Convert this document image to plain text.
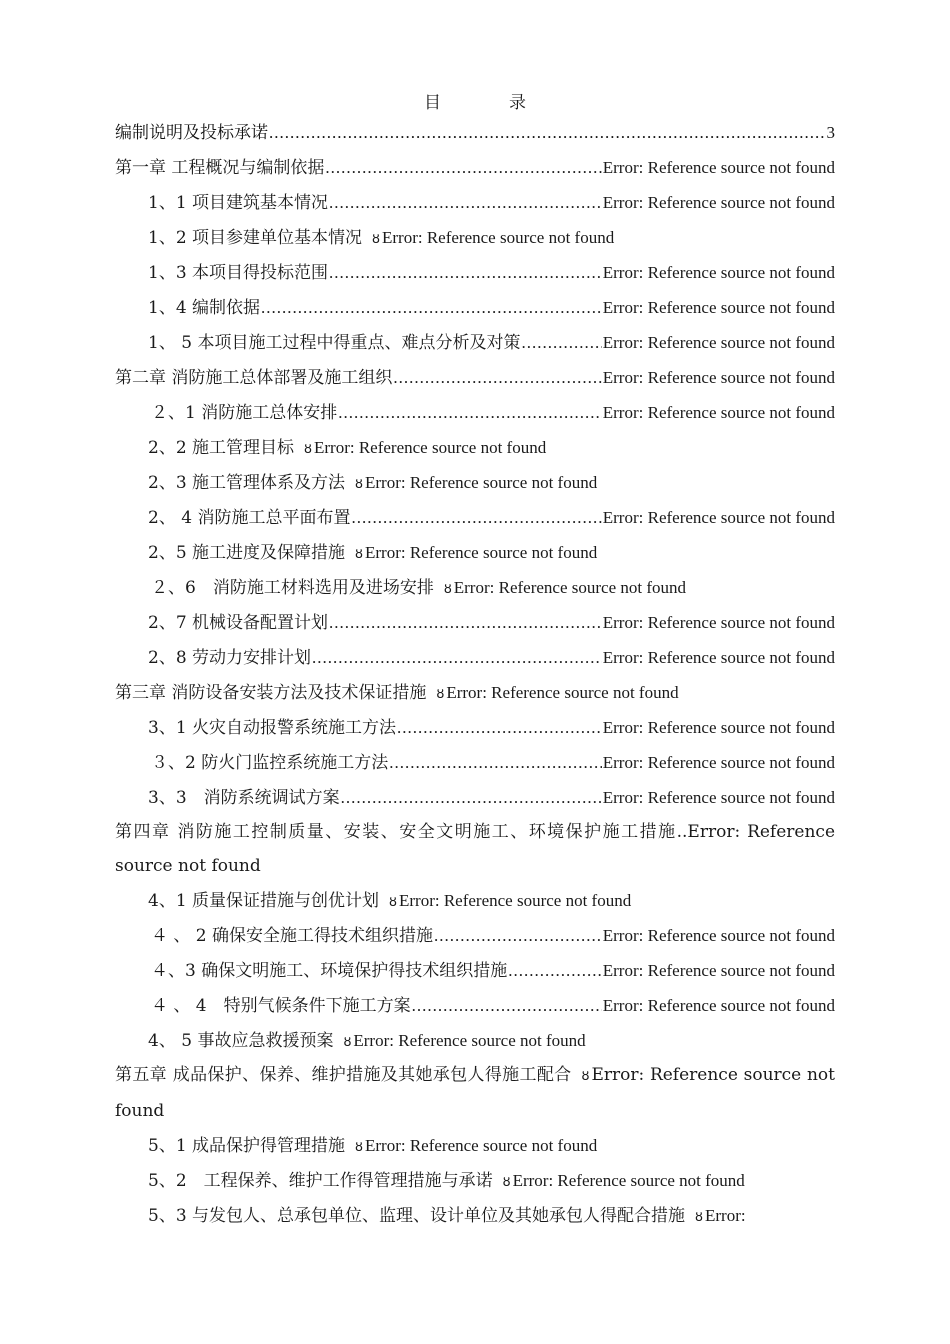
目	录
编制说明及投标承诺 .....	3
第一章 工程概况与编制依据 .....	Error: Reference source not found
1、1 项目建筑基本情况 .....	Error: Reference source not found
1、2 项目参建单位基本情况 ȣ Error: Reference source not found
1、3 本项目得投标范围 .....	Error: Reference source not found
1、4 编制依据 .....	Error: Reference source not found
1、 5 本项目施工过程中得重点、难点分析及对策 .....	Error: Reference source not found
第二章 消防施工总体部署及施工组织 .....	Error: Reference source not found
２、1 消防施工总体安排 .....	Error: Reference source not found
2、2 施工管理目标 ȣ Error: Reference source not found
2、3 施工管理体系及方法 ȣ Error: Reference source not found
2、 4 消防施工总平面布置 .....	Error: Reference source not found
2、5 施工进度及保障措施 ȣ Error: Reference source not found
２、6　消防施工材料选用及进场安排 ȣ Error: Reference source not found
2、7 机械设备配置计划 .....	Error: Reference source not found
2、8 劳动力安排计划 .....	Error: Reference source not found
第三章 消防设备安装方法及技术保证措施 ȣ Error: Reference source not found
3、1 火灾自动报警系统施工方法 .....	Error: Reference source not found
３、2 防火门监控系统施工方法 .....	Error: Reference source not found
3、3　消防系统调试方案 .....	Error: Reference source not found
第四章 消防施工控制质量、安装、安全文明施工、环境保护施工措施..Error: Reference source not found
4、1 质量保证措施与创优计划 ȣ Error: Reference source not found
４ 、 2 确保安全施工得技术组织措施 .....	Error: Reference source not found
４、3 确保文明施工、环境保护得技术组织措施 .....	Error: Reference source not found
４ 、 4　特别气候条件下施工方案 .....	Error: Reference source not found
4、 5 事故应急救援预案 ȣ Error: Reference source not found
第五章 成品保护、保养、维护措施及其她承包人得施工配合 ȣ Error: Reference source not found
5、1 成品保护得管理措施 ȣ Error: Reference source not found
5、2　工程保养、维护工作得管理措施与承诺 ȣ Error: Reference source not found
5、3 与发包人、总承包单位、监理、设计单位及其她承包人得配合措施 ȣ Error:
